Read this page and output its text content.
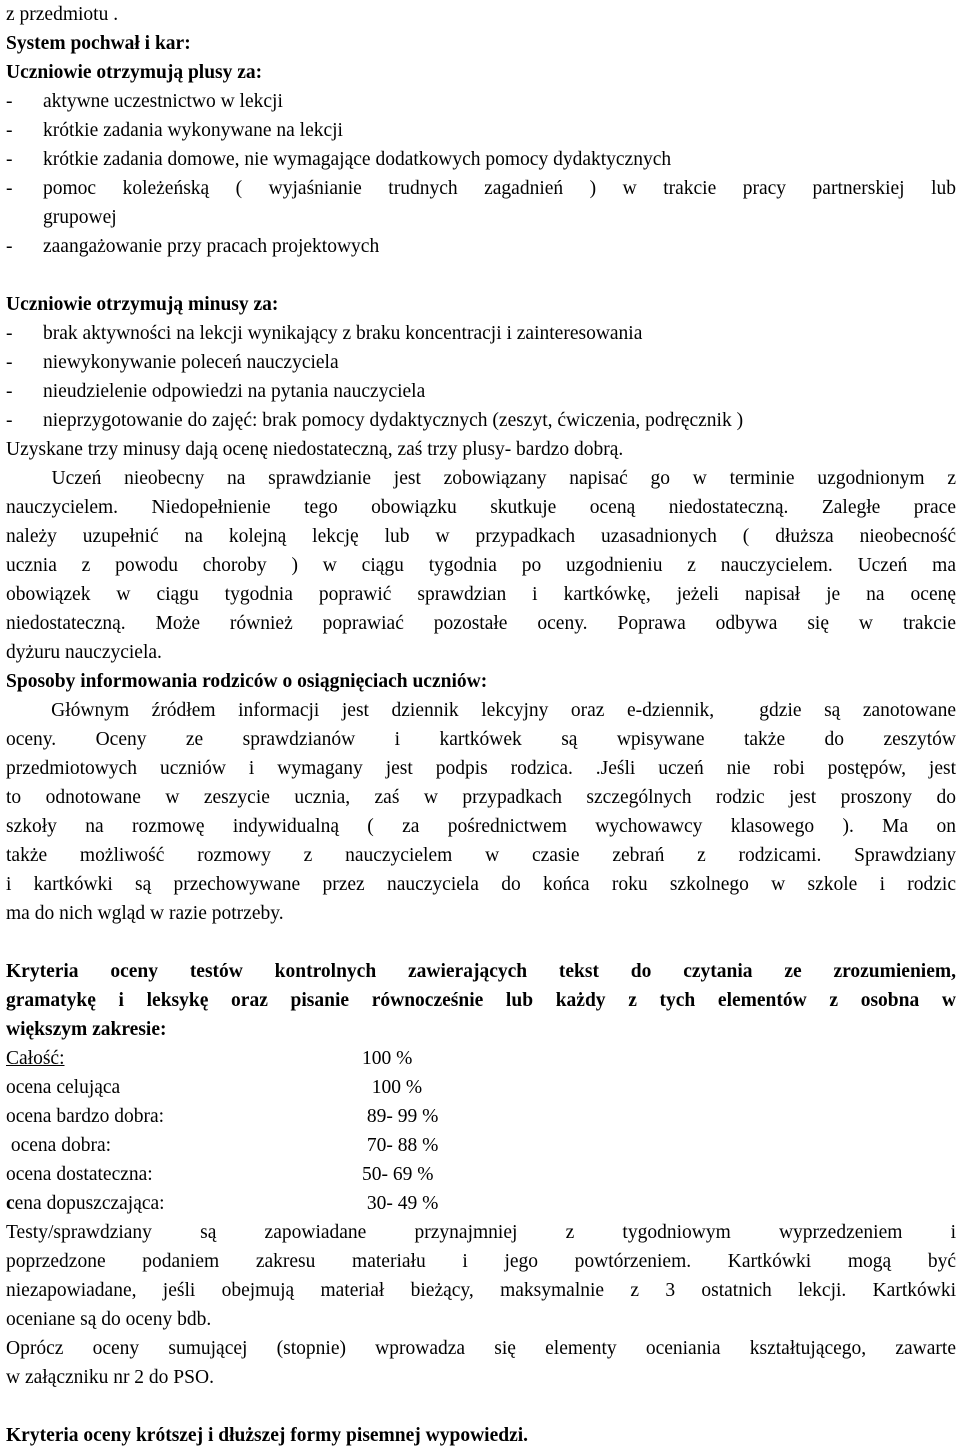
z przedmiotu .
System pochwał i kar:
Uczniowie otrzymują plusy za:
- aktywne uczestnictwo w lekcji
- krótkie zadania wykonywane na lekcji
- krótkie zadania domowe, nie wymagające dodatkowych pomocy dydaktycznych
-	pomoc koleżeńską ( wyjaśnianie trudnych zagadnień ) w trakcie pracy partnerskiej lub
grupowej
- zaangażowanie przy pracach projektowych
Uczniowie otrzymują minusy za:
- brak aktywności na lekcji wynikający z braku koncentracji i zainteresowania
- niewykonywanie poleceń nauczyciela
- nieudzielenie odpowiedzi na pytania nauczyciela
- nieprzygotowanie do zajęć: brak pomocy dydaktycznych (zeszyt, ćwiczenia, podręcznik )
Uzyskane trzy minusy dają ocenę niedostateczną, zaś trzy plusy- bardzo dobrą.
Uczeń nieobecny na sprawdzianie jest zobowiązany napisać go w terminie uzgodnionym z
nauczycielem. Niedopełnienie tego obowiązku skutkuje oceną niedostateczną. Zaległe prace
należy uzupełnić na kolejną lekcję lub w przypadkach uzasadnionych ( dłuższa nieobecność
ucznia z powodu choroby ) w ciągu tygodnia po uzgodnieniu z nauczycielem. Uczeń ma
obowiązek w ciągu tygodnia poprawić sprawdzian i kartkówkę, jeżeli napisał je na ocenę
niedostateczną. Może również poprawiać pozostałe oceny. Poprawa odbywa się w trakcie
dyżuru nauczyciela.
Sposoby informowania rodziców o osiągnięciach uczniów:
Głównym źródłem informacji jest dziennik lekcyjny oraz e-dziennik,  gdzie są zanotowane
oceny. Oceny ze sprawdzianów i kartkówek są wpisywane także do zeszytów
przedmiotowych uczniów i wymagany jest podpis rodzica. .Jeśli uczeń nie robi postępów, jest
to odnotowane w zeszycie ucznia, zaś w przypadkach szczególnych rodzic jest proszony do
szkoły na rozmowę indywidualną ( za pośrednictwem wychowawcy klasowego ). Ma on
także możliwość rozmowy z nauczycielem w czasie zebrań z rodzicami. Sprawdziany
i kartkówki są przechowywane przez nauczyciela do końca roku szkolnego w szkole i rodzic
ma do nich wgląd w razie potrzeby.
Kryteria oceny testów kontrolnych zawierających tekst do czytania ze zrozumieniem,
gramatykę i leksykę oraz pisanie równocześnie lub każdy z tych elementów z osobna w
większym zakresie:
Całość:	100 %
ocena celująca	100 %
ocena bardzo dobra:	89- 99 %
ocena dobra:	70- 88 %
ocena dostateczna:	50- 69 %
cena dopuszczająca:	30- 49 %
Testy/sprawdziany są zapowiadane przynajmniej z tygodniowym wyprzedzeniem i
poprzedzone podaniem zakresu materiału i jego powtórzeniem. Kartkówki mogą być
niezapowiadane, jeśli obejmują materiał bieżący, maksymalnie z 3 ostatnich lekcji. Kartkówki
oceniane są do oceny bdb.
Oprócz oceny sumującej (stopnie) wprowadza się elementy oceniania kształtującego, zawarte
w załączniku nr 2 do PSO.
Kryteria oceny krótszej i dłuższej formy pisemnej wypowiedzi.
